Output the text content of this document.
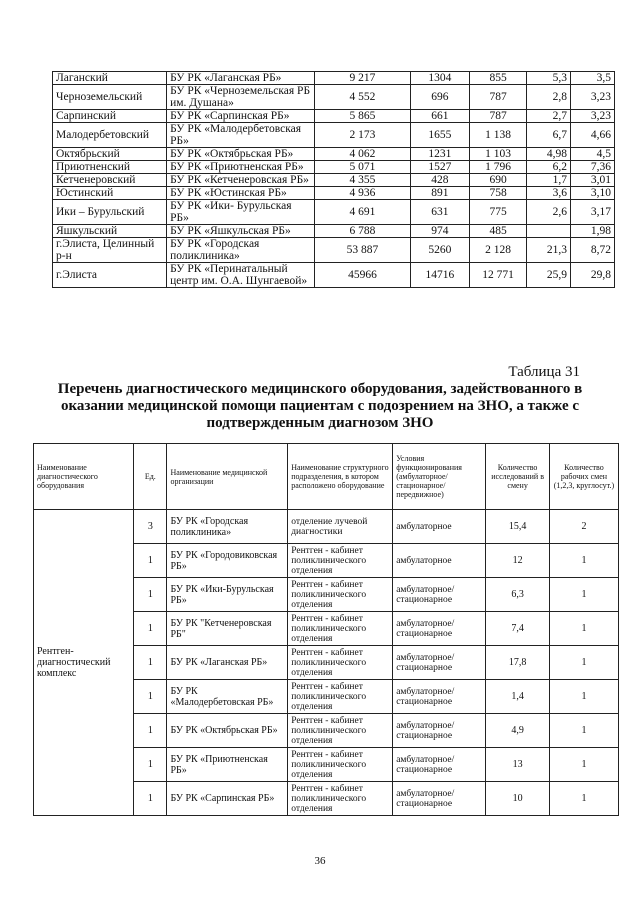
Лаганский	БУ РК «Лаганская РБ»	9 217	1304	855	5,3	3,5
Черноземельский	БУ РК «Черноземельская РБ им. Душана»	4 552	696	787	2,8	3,23
Сарпинский	БУ РК «Сарпинская РБ»	5 865	661	787	2,7	3,23
Малодербетовский	БУ РК «Малодербетовская РБ»	2 173	1655	1 138	6,7	4,66
Октябрьский	БУ РК «Октябрьская РБ»	4 062	1231	1 103	4,98	4,5
Приютненский	БУ РК «Приютненская РБ»	5 071	1527	1 796	6,2	7,36
Кетченеровский	БУ РК «Кетченеровская РБ»	4 355	428	690	1,7	3,01
Юстинский	БУ РК «Юстинская РБ»	4 936	891	758	3,6	3,10
Ики – Бурульский	БУ РК «Ики- Бурульская РБ»	4 691	631	775	2,6	3,17
Яшкульский	БУ РК «Яшкульская РБ»	6 788	974	485		1,98
г.Элиста, Целинный р-н	БУ РК «Городская поликлиника»	53 887	5260	2 128	21,3	8,72
г.Элиста	БУ РК «Перинатальный центр им. О.А. Шунгаевой»	45966	14716	12 771	25,9	29,8
Таблица 31
Перечень диагностического медицинского оборудования, задействованного в оказании медицинской помощи пациентам с подозрением на ЗНО, а также с подтвержденным диагнозом ЗНО
Наименование диагностического оборудования	Ед.	Наименование медицинской организации	Наименование структурного подразделения, в котором расположено оборудование	Условия функционирования (амбулаторное/ стационарное/ передвижное)	Количество исследований в смену	Количество рабочих смен (1,2,3, круглосут.)
Рентген-диагностический комплекс	3	БУ РК «Городская поликлиника»	отделение лучевой диагностики	амбулаторное	15,4	2
	1	БУ РК «Городовиковская РБ»	Рентген - кабинет поликлинического отделения	амбулаторное	12	1
	1	БУ РК «Ики-Бурульская РБ»	Рентген - кабинет поликлинического отделения	амбулаторное/ стационарное	6,3	1
	1	БУ РК "Кетченеровская РБ"	Рентген - кабинет поликлинического отделения	амбулаторное/ стационарное	7,4	1
	1	БУ РК «Лаганская РБ»	Рентген - кабинет поликлинического отделения	амбулаторное/ стационарное	17,8	1
	1	БУ РК «Малодербетовская РБ»	Рентген - кабинет поликлинического отделения	амбулаторное/ стационарное	1,4	1
	1	БУ РК «Октябрьская РБ»	Рентген - кабинет поликлинического отделения	амбулаторное/ стационарное	4,9	1
	1	БУ РК «Приютненская РБ»	Рентген - кабинет поликлинического отделения	амбулаторное/ стационарное	13	1
	1	БУ РК «Сарпинская РБ»	Рентген - кабинет поликлинического отделения	амбулаторное/ стационарное	10	1
36
